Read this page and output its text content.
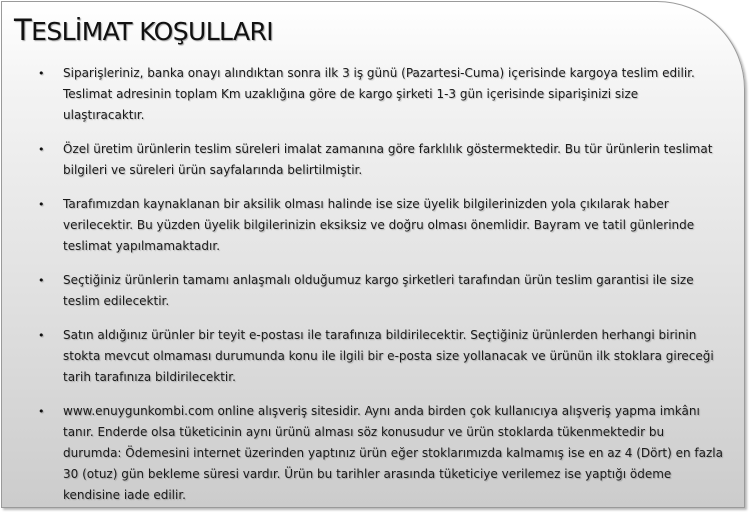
TESLİMAT KOŞULLARI
• Siparişleriniz, banka onayı alındıktan sonra ilk 3 iş günü (Pazartesi-Cuma) içerisinde kargoya teslim edilir. Teslimat adresinin toplam Km uzaklığına göre de kargo şirketi 1-3 gün içerisinde siparişinizi size ulaştıracaktır.
• Özel üretim ürünlerin teslim süreleri imalat zamanına göre farklılık göstermektedir. Bu tür ürünlerin teslimat bilgileri ve süreleri ürün sayfalarında belirtilmiştir.
• Tarafımızdan kaynaklanan bir aksilik olması halinde ise size üyelik bilgilerinizden yola çıkılarak haber verilecektir. Bu yüzden üyelik bilgilerinizin eksiksiz ve doğru olması önemlidir. Bayram ve tatil günlerinde teslimat yapılmamaktadır.
• Seçtiğiniz ürünlerin tamamı anlaşmalı olduğumuz kargo şirketleri tarafından ürün teslim garantisi ile size teslim edilecektir.
• Satın aldığınız ürünler bir teyit e-postası ile tarafınıza bildirilecektir. Seçtiğiniz ürünlerden herhangi birinin stokta mevcut olmaması durumunda konu ile ilgili bir e-posta size yollanacak ve ürünün ilk stoklara gireceği tarih tarafınıza bildirilecektir.
• www.enuygunkombi.com online alışveriş sitesidir. Aynı anda birden çok kullanıcıya alışveriş yapma imkânı tanır. Enderde olsa tüketicinin aynı ürünü alması söz konusudur ve ürün stoklarda tükenmektedir bu durumda: Ödemesini internet üzerinden yaptınız ürün eğer stoklarımızda kalmamış ise en az 4 (Dört) en fazla 30 (otuz) gün bekleme süresi vardır. Ürün bu tarihler arasında tüketiciye verilemez ise yaptığı ödeme kendisine iade edilir.
